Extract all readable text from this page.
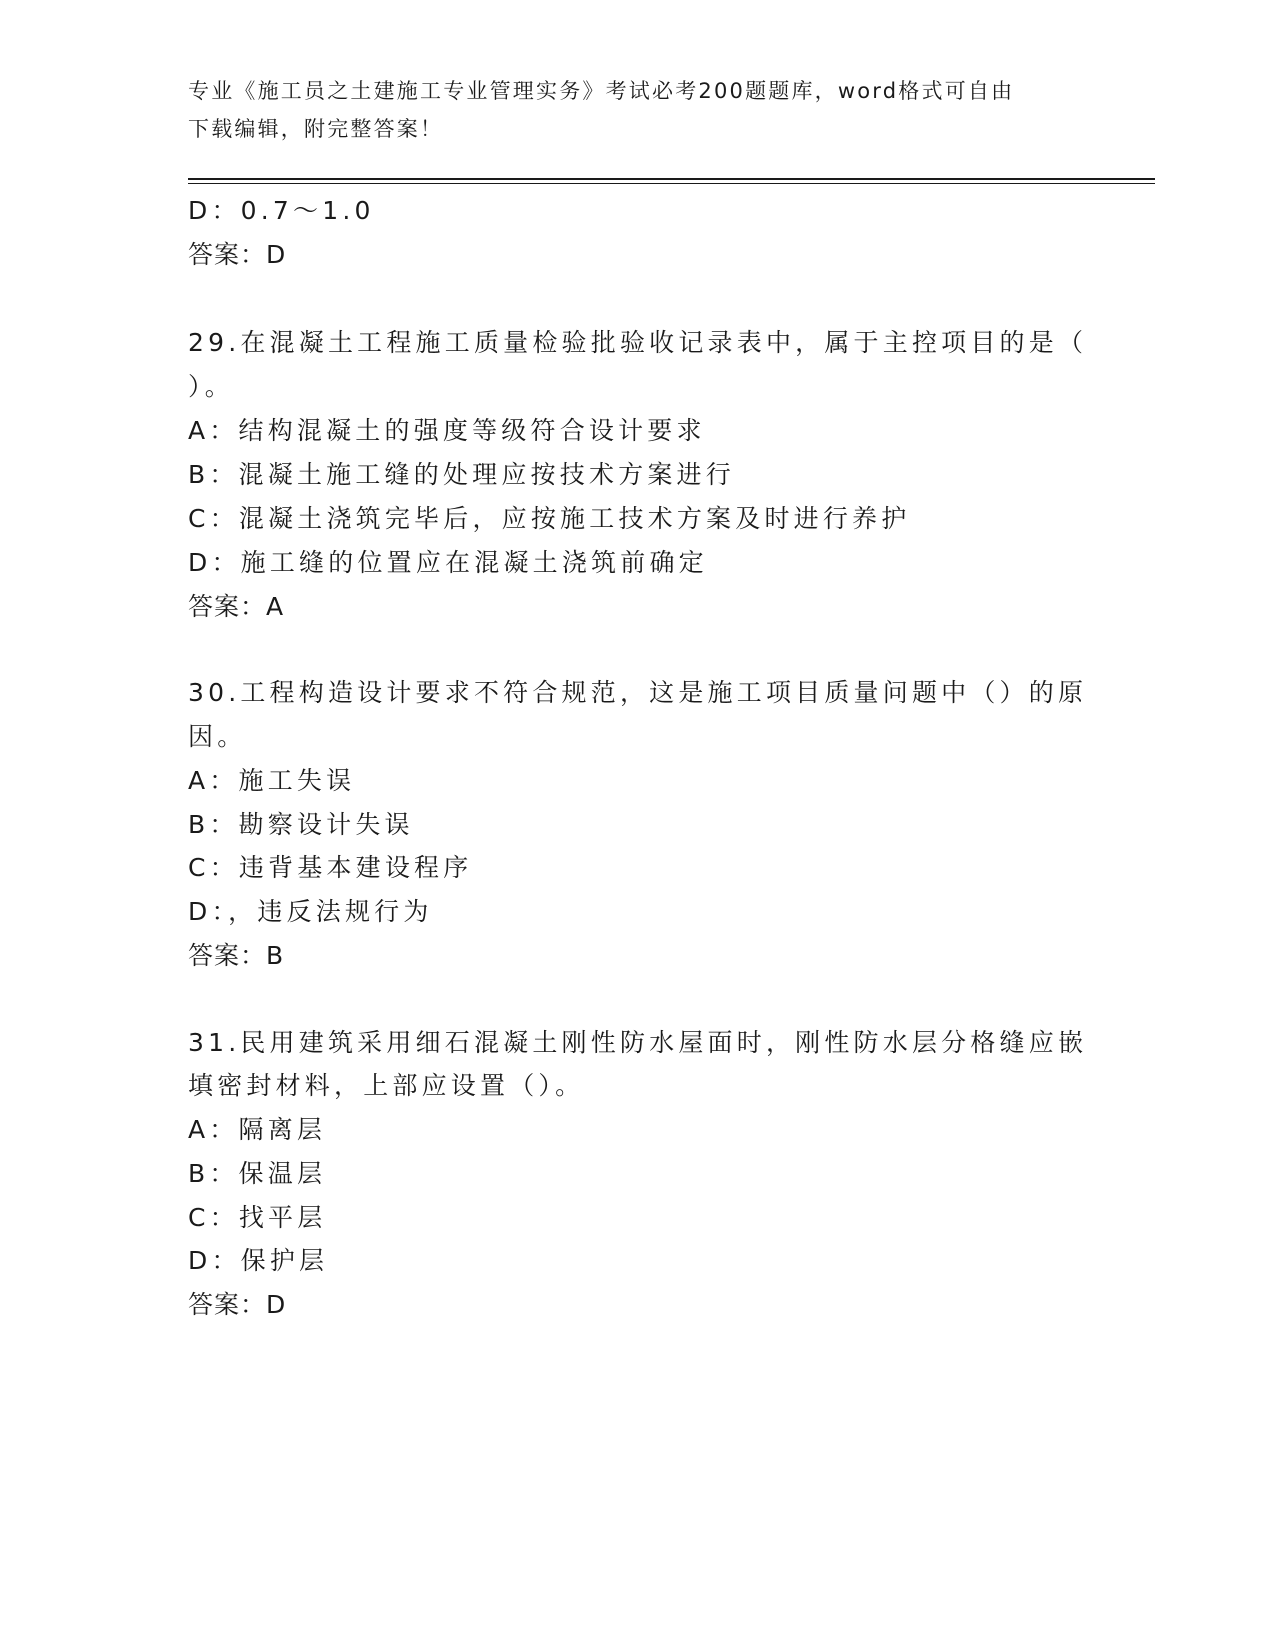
专业《施工员之土建施工专业管理实务》考试必考200题题库，word格式可自由
下载编辑，附完整答案！
D：0.7～1.0
答案：D
29.在混凝土工程施工质量检验批验收记录表中，属于主控项目的是（
）。
A：结构混凝土的强度等级符合设计要求
B：混凝土施工缝的处理应按技术方案进行
C：混凝土浇筑完毕后，应按施工技术方案及时进行养护
D：施工缝的位置应在混凝土浇筑前确定
答案：A
30.工程构造设计要求不符合规范，这是施工项目质量问题中（）的原
因。
A：施工失误
B：勘察设计失误
C：违背基本建设程序
D：，违反法规行为
答案：B
31.民用建筑采用细石混凝土刚性防水屋面时，刚性防水层分格缝应嵌
填密封材料，上部应设置（）。
A：隔离层
B：保温层
C：找平层
D：保护层
答案：D
